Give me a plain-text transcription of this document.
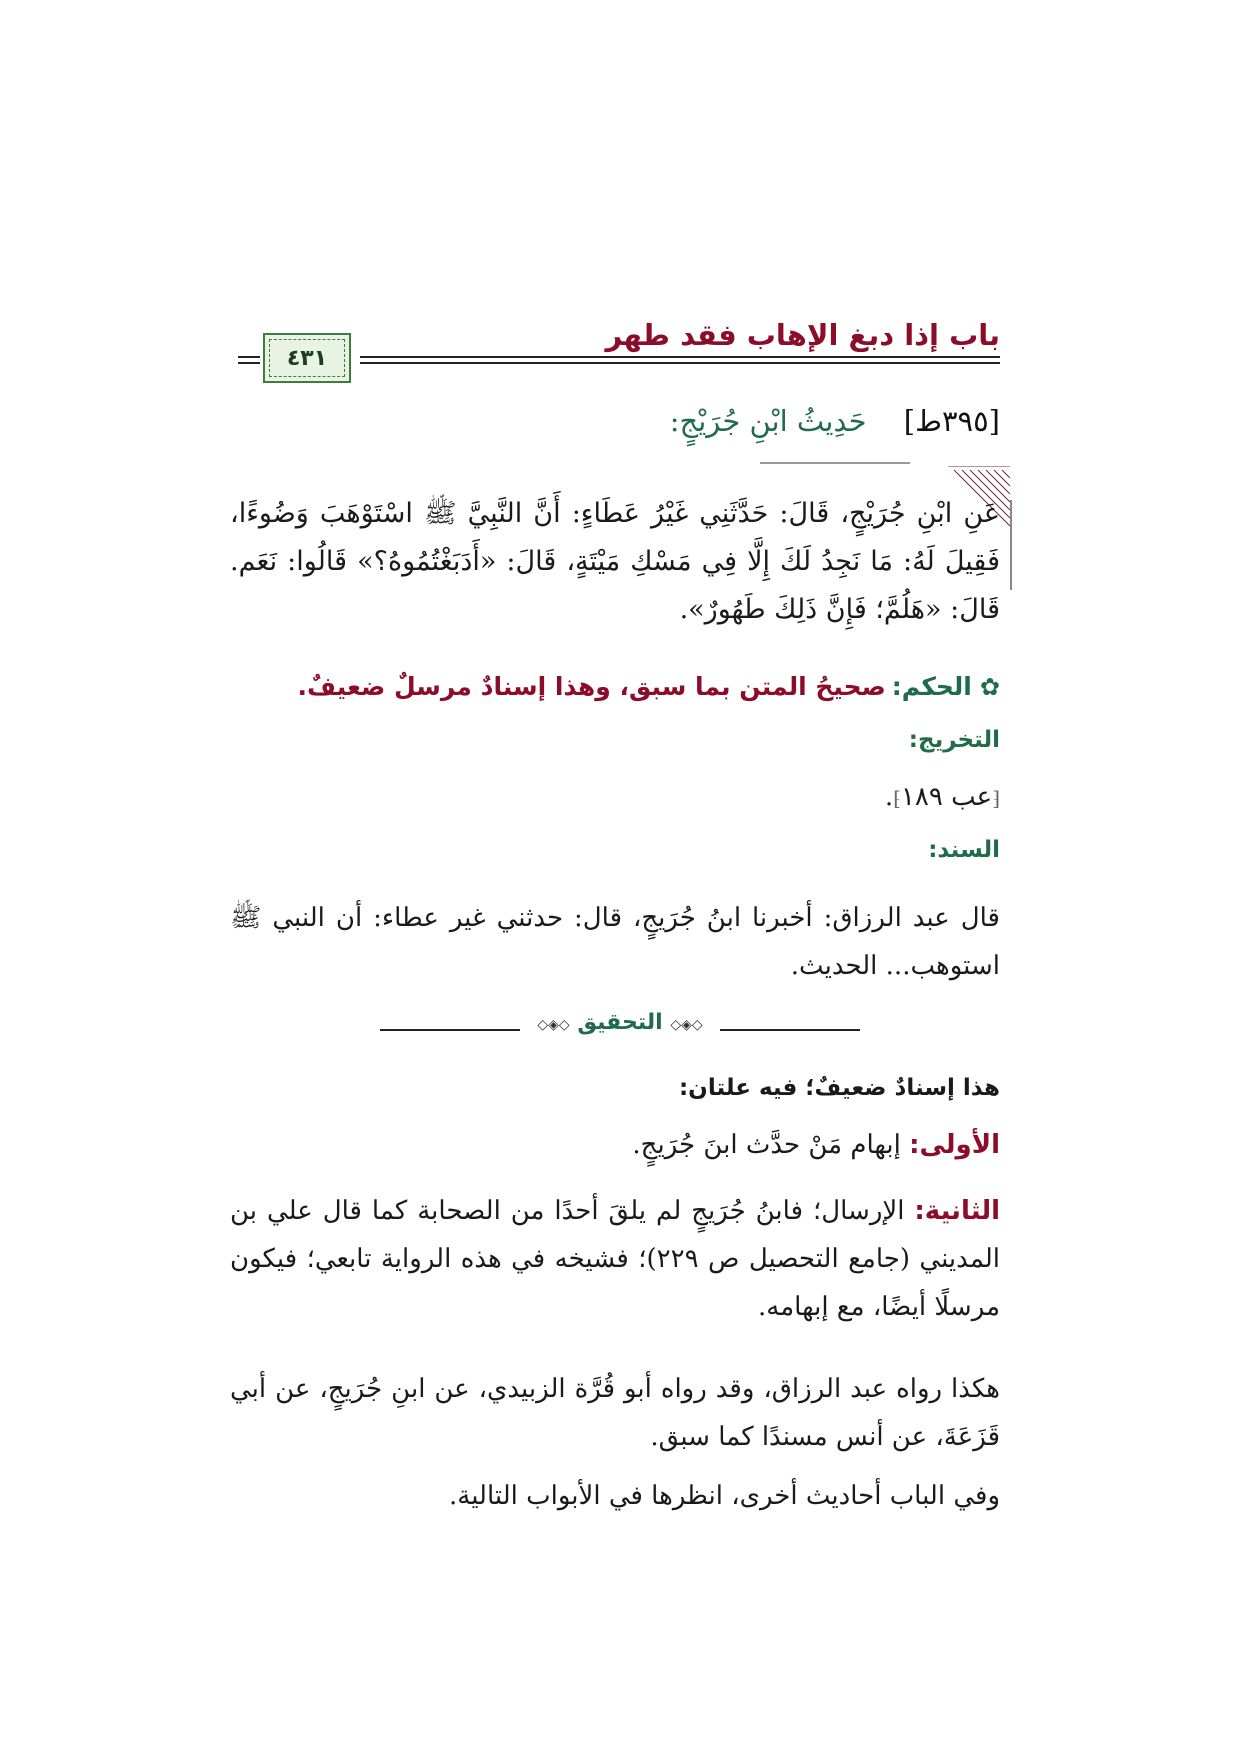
باب إذا دبغ الإهاب فقد طهر
٤٣١
[٣٩٥ط] حَدِيثُ ابْنِ جُرَيْجٍ:
عَنِ ابْنِ جُرَيْجٍ، قَالَ: حَدَّثَنِي غَيْرُ عَطَاءٍ: أَنَّ النَّبِيَّ ﷺ اسْتَوْهَبَ وَضُوءًا، فَقِيلَ لَهُ: مَا نَجِدُ لَكَ إِلَّا فِي مَسْكِ مَيْتَةٍ، قَالَ: «أَدَبَغْتُمُوهُ؟» قَالُوا: نَعَم. قَالَ: «هَلُمَّ؛ فَإِنَّ ذَلِكَ طَهُورٌ».
✿الحكم:صحيحُ المتن بما سبق، وهذا إسنادٌ مرسلٌ ضعيفٌ.
التخريج:
⁅عب ١٨٩⁆.
السند:
قال عبد الرزاق: أخبرنا ابنُ جُرَيجٍ، قال: حدثني غير عطاء: أن النبي ﷺ استوهب... الحديث.
◇◈◇ التحقيق ◇◈◇
هذا إسنادٌ ضعيفٌ؛ فيه علتان:
الأولى: إبهام مَنْ حدَّث ابنَ جُرَيجٍ.
الثانية: الإرسال؛ فابنُ جُرَيجٍ لم يلقَ أحدًا من الصحابة كما قال علي بن المديني (جامع التحصيل ص ٢٢٩)؛ فشيخه في هذه الرواية تابعي؛ فيكون مرسلًا أيضًا، مع إبهامه.
هكذا رواه عبد الرزاق، وقد رواه أبو قُرَّة الزبيدي، عن ابنِ جُرَيجٍ، عن أبي قَزَعَةَ، عن أنس مسندًا كما سبق.
وفي الباب أحاديث أخرى، انظرها في الأبواب التالية.
